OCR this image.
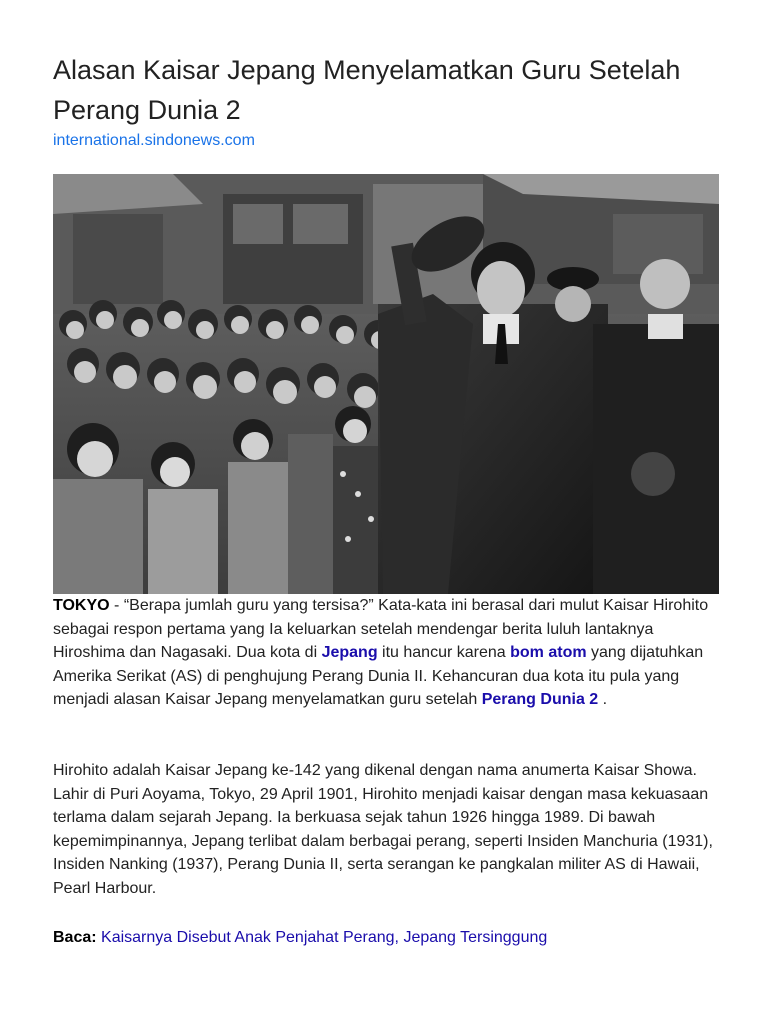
Alasan Kaisar Jepang Menyelamatkan Guru Setelah Perang Dunia 2
international.sindonews.com

TOKYO - “Berapa jumlah guru yang tersisa?” Kata-kata ini berasal dari mulut Kaisar Hirohito sebagai respon pertama yang Ia keluarkan setelah mendengar berita luluh lantaknya Hiroshima dan Nagasaki. Dua kota di Jepang itu hancur karena bom atom yang dijatuhkan Amerika Serikat (AS) di penghujung Perang Dunia II. Kehancuran dua kota itu pula yang menjadi alasan Kaisar Jepang menyelamatkan guru setelah Perang Dunia 2 .

Hirohito adalah Kaisar Jepang ke-142 yang dikenal dengan nama anumerta Kaisar Showa. Lahir di Puri Aoyama, Tokyo, 29 April 1901, Hirohito menjadi kaisar dengan masa kekuasaan terlama dalam sejarah Jepang. Ia berkuasa sejak tahun 1926 hingga 1989. Di bawah kepemimpinannya, Jepang terlibat dalam berbagai perang, seperti Insiden Manchuria (1931), Insiden Nanking (1937), Perang Dunia II, serta serangan ke pangkalan militer AS di Hawaii, Pearl Harbour.

Baca: Kaisarnya Disebut Anak Penjahat Perang, Jepang Tersinggung
